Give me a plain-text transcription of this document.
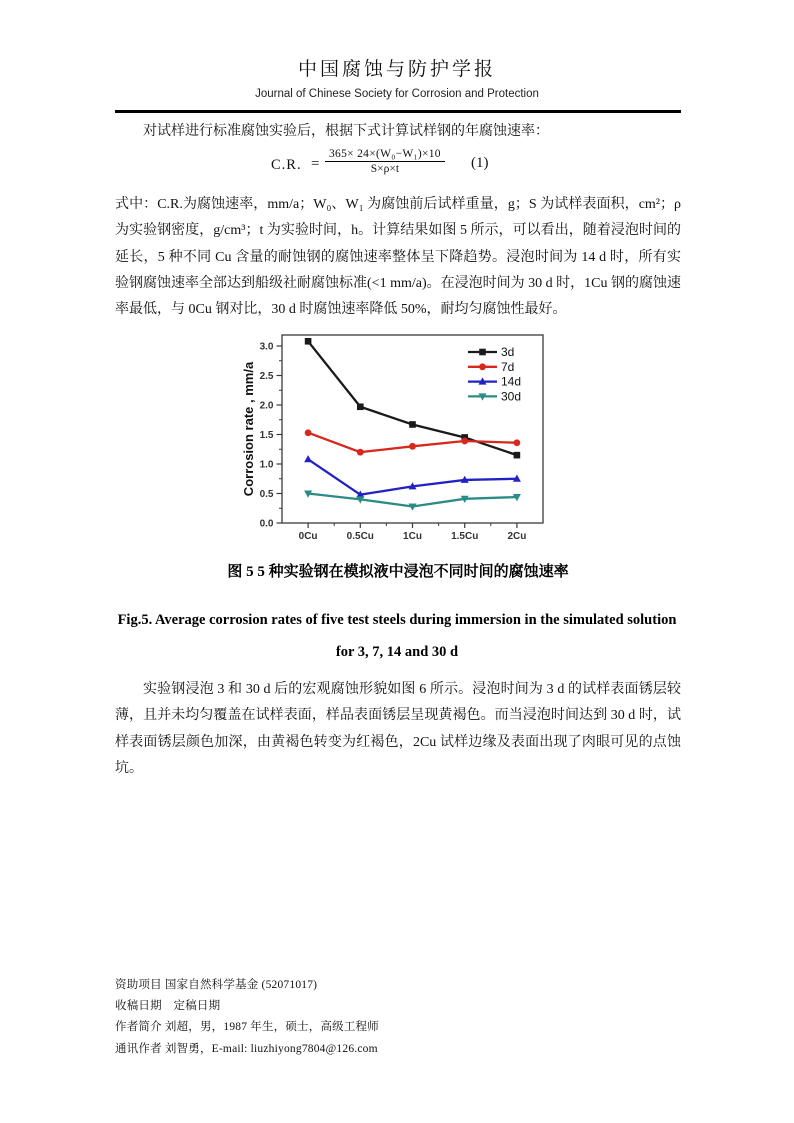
中国腐蚀与防护学报
Journal of Chinese Society for Corrosion and Protection

对试样进行标准腐蚀实验后，根据下式计算试样钢的年腐蚀速率：

C.R. = $\frac{\text{365× 24×(W₀−W₁)×10}}{S\times\rho\times t} (1)$

式中：C.R.为腐蚀速率，mm/a；W₀、W₁ 为腐蚀前后试样重量，g；S 为试样表面积，cm²；ρ 为实验钢密度，g/cm³；t 为实验时间，h。计算结果如图 5 所示，可以看出，随着浸泡时间的延长，5 种不同 Cu 含量的耐蚀钢的腐蚀速率整体呈下降趋势。浸泡时间为 14 d 时，所有实验钢腐蚀速率全部达到船级社耐腐蚀标准(<1 mm/a)。在浸泡时间为 30 d 时，1Cu 钢的腐蚀速率最低，与 0Cu 钢对比，30 d 时腐蚀速率降低 50%，耐均匀腐蚀性最好。

0.0
0.5
1.0
1.5
2.0
2.5
3.0
0Cu	0.5Cu	1Cu	1.5Cu	2Cu
3d
7d
14d
30d
Corrosion rate , mm/a
图 5 5 种实验钢在模拟液中浸泡不同时间的腐蚀速率
Fig.5. Average corrosion rates of five test steels during immersion in the simulated solution
for 3, 7, 14 and 30 d

实验钢浸泡 3 和 30 d 后的宏观腐蚀形貌如图 6 所示。浸泡时间为 3 d 的试样表面锈层较薄，且并未均匀覆盖在试样表面，样品表面锈层呈现黄褐色。而当浸泡时间达到 30 d 时，试样表面锈层颜色加深，由黄褐色转变为红褐色，2Cu 试样边缘及表面出现了肉眼可见的点蚀坑。

资助项目 国家自然科学基金 (52071017)
收稿日期　定稿日期
作者简介 刘超，男，1987 年生，硕士，高级工程师
通讯作者 刘智勇，E-mail: liuzhiyong7804@126.com
